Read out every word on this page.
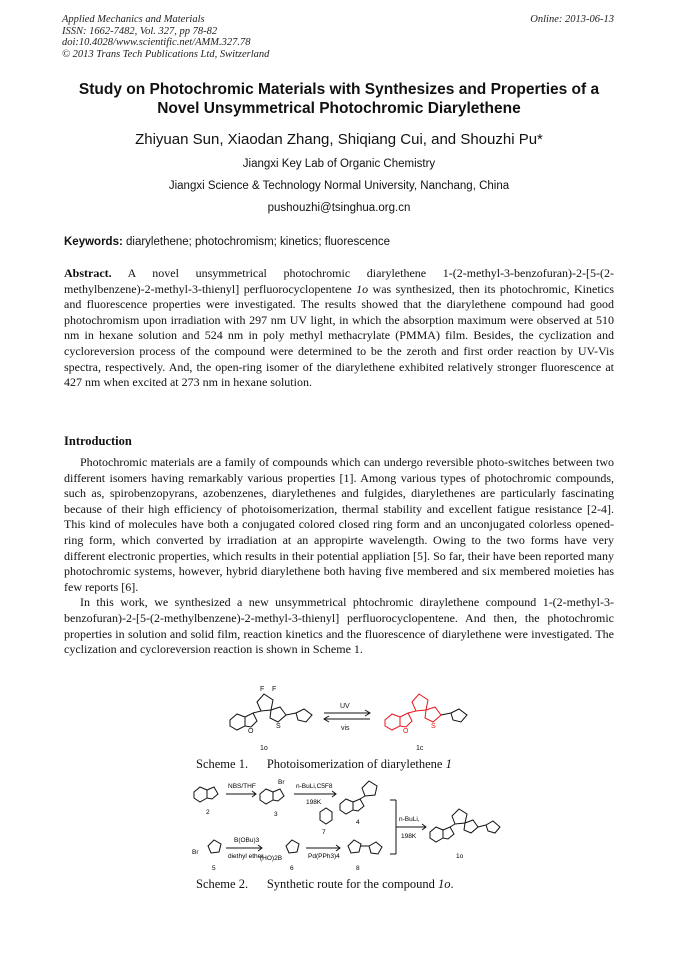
Applied Mechanics and Materials
ISSN: 1662-7482, Vol. 327, pp 78-82
doi:10.4028/www.scientific.net/AMM.327.78
© 2013 Trans Tech Publications Ltd, Switzerland
Online: 2013-06-13
Study on Photochromic Materials with Synthesizes and Properties of a
Novel Unsymmetrical Photochromic Diarylethene
Zhiyuan Sun, Xiaodan Zhang, Shiqiang Cui, and Shouzhi Pu*
Jiangxi Key Lab of Organic Chemistry
Jiangxi Science & Technology Normal University, Nanchang, China
pushouzhi@tsinghua.org.cn
Keywords: diarylethene; photochromism; kinetics; fluorescence

Abstract. A novel unsymmetrical photochromic diarylethene 1-(2-methyl-3-benzofuran)-2-[5-(2-methylbenzene)-2-methyl-3-thienyl] perfluorocyclopentene 1o was synthesized, then its photochromic, Kinetics and fluorescence properties were investigated. The results showed that the diarylethene compound had good photochromism upon irradiation with 297 nm UV light, in which the absorption maximum were observed at 510 nm in hexane solution and 524 nm in poly methyl methacrylate (PMMA) film. Besides, the cyclization and cycloreversion process of the compound were determined to be the zeroth and first order reaction by UV-Vis spectra, respectively. And, the open-ring isomer of the diarylethene exhibited relatively stronger fluorescence at 427 nm when excited at 273 nm in hexane solution.

Introduction

Photochromic materials are a family of compounds which can undergo reversible photo-switches between two different isomers having remarkably various properties [1]. Among various types of photochromic compounds, such as, spirobenzopyrans, azobenzenes, diarylethenes and fulgides, diarylethenes are particularly fascinating because of their high efficiency of photoisomerization, thermal stability and excellent fatigue resistance [2-4]. This kind of molecules have both a conjugated colored closed ring form and an unconjugated colorless opened-ring form, which converted by irradiation at an appropirte wavelength. Owing to the two forms have very different electronic properties, which results in their potential appliation [5]. So far, their have been reported many photochromic systems, however, hybrid diarylethene both having five membered and six membered moieties has few reports [6].

In this work, we synthesized a new unsymmetrical phtochromic diraylethene compound 1-(2-methyl-3-benzofuran)-2-[5-(2-methylbenzene)-2-methyl-3-thienyl] perfluorocyclopentene. And then, the photochromic properties in solution and solid film, reaction kinetics and the fluorescence of diarylethene were investigated. The cyclization and cycloreversion reaction is shown in Scheme 1.

O
S
F F
1o
UV
vis	O
S
1c
Scheme 1. Photoisomerization of diarylethene 1
2
NBS/THF
Br
3
n-BuLi,C5F8
198K
4	n-BuLi,
198K
1o
Br
5
B(OBu)3
diethyl ether
(HO)2B
6
7
Pd(PPh3)4
8
Scheme 2. Synthetic route for the compound 1o.
